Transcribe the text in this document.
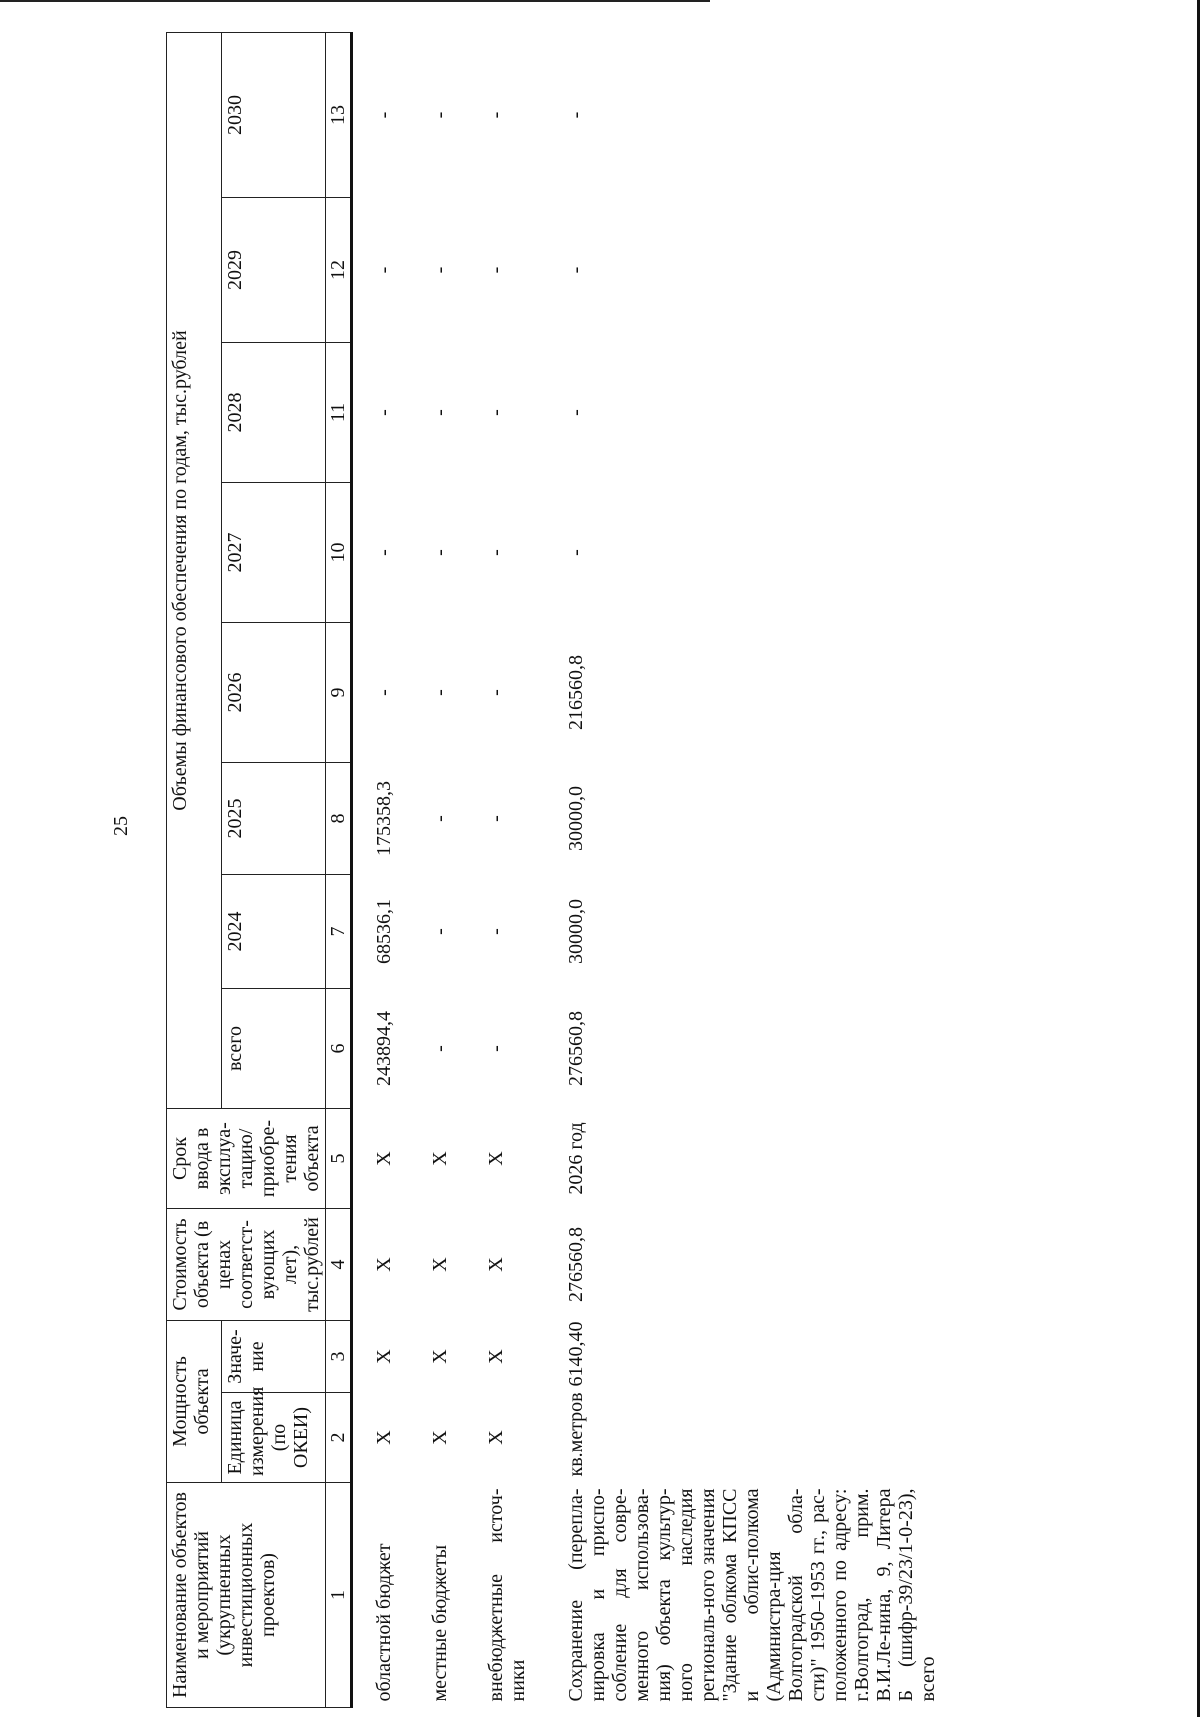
25
Наименование объектов и мероприятий (укрупненных инвестиционных проектов)	Мощность объекта		Стоимость объекта (в ценах соответст-вующих лет), тыс.рублей	Срок ввода в эксплуа-тацию/ приобре-тения объекта	Объемы финансового обеспечения по годам, тыс.рублей							
	Единица измерения (по ОКЕИ)	Значе-ние			всего	2024	2025	2026	2027	2028	2029	2030
1	2	3	4	5	6	7	8	9	10	11	12	13

областной бюджет	X	X	X	X	243894,4	68536,1	175358,3	-	-	-	-	-
местные бюджеты	X	X	X	X	-	-	-	-	-	-	-	-
внебюджетные источ-ники	X	X	X	X	-	-	-	-	-	-	-	-
Сохранение (перепла-нировка и приспо-собление для совре-менного использова-ния) объекта культур-ного наследия региональ-ного значения "Здание облкома КПСС и облис-полкома (Администра-ция Волгоградской обла-сти)" 1950–1953 гг., рас-положенного по адресу: г.Волгоград, прим. В.И.Ле-нина, 9, Литера Б (шифр-39/23/1-0-23), всего	кв.метров	6140,40	276560,8	2026 год	276560,8	30000,0	30000,0	216560,8	-	-	-	-
